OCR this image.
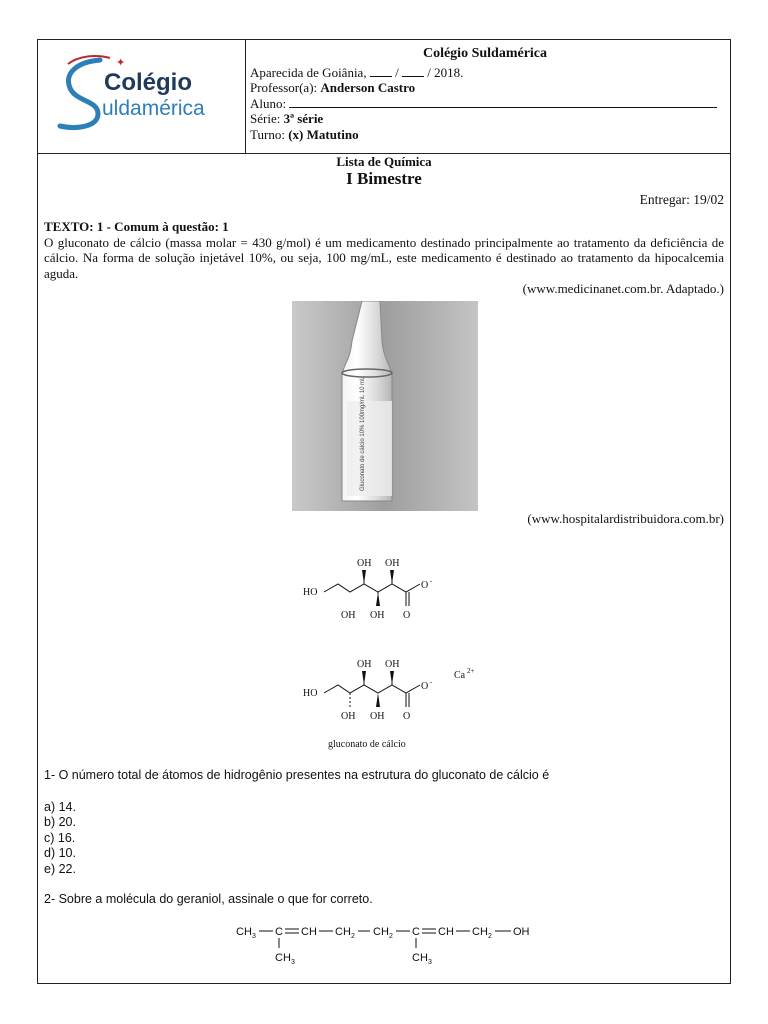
✦
Colégio
uldamérica
Colégio Suldamérica
Aparecida de Goiânia,  /  / 2018.
Professor(a): Anderson Castro
Aluno:
Série: 3ª série
Turno: (x) Matutino
Lista de Química
I Bimestre
Entregar: 19/02
TEXTO: 1 - Comum à questão: 1
O gluconato de cálcio (massa molar = 430 g/mol) é um medicamento destinado principalmente ao tratamento da deficiência de cálcio. Na forma de solução injetável 10%, ou seja, 100 mg/mL, este medicamento é destinado ao tratamento da hipocalcemia aguda.
(www.medicinanet.com.br. Adaptado.)
Gluconato de cálcio 10% 100mg/mL 10 mL
(www.hospitalardistribuidora.com.br)
HO
OH OH
OH OH O
O -
Ca 2+
HO
OH OH
OH OH O
O -
gluconato de cálcio
1- O número total de átomos de hidrogênio presentes na estrutura do gluconato de cálcio é
a) 14.
b) 20.
c) 16.
d) 10.
e) 22.
2- Sobre a molécula do geraniol, assinale o que for correto.
CH 3 C CH CH 2 CH 2 C CH CH 2 OH
CH 3	CH 3
